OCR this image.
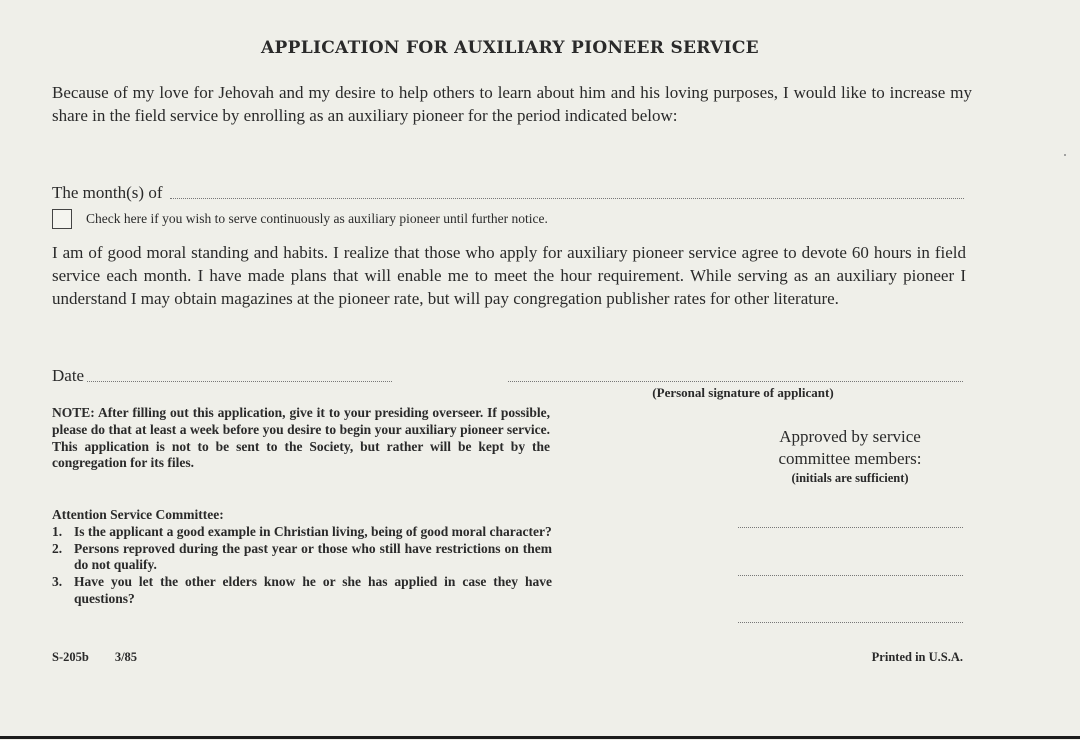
APPLICATION FOR AUXILIARY PIONEER SERVICE
Because of my love for Jehovah and my desire to help others to learn about him and his loving purposes, I would like to increase my share in the field service by enrolling as an auxiliary pioneer for the period indicated below:
The month(s) of
Check here if you wish to serve continuously as auxiliary pioneer until further notice.
I am of good moral standing and habits. I realize that those who apply for auxiliary pioneer service agree to devote 60 hours in field service each month. I have made plans that will enable me to meet the hour requirement. While serving as an auxiliary pioneer I understand I may obtain magazines at the pioneer rate, but will pay congregation publisher rates for other literature.
Date
(Personal signature of applicant)
NOTE: After filling out this application, give it to your presiding overseer. If possible, please do that at least a week before you desire to begin your auxiliary pioneer service. This application is not to be sent to the Society, but rather will be kept by the congregation for its files.
Approved by service
committee members:
(initials are sufficient)
Attention Service Committee:
1. Is the applicant a good example in Christian living, being of good moral character?
2. Persons reproved during the past year or those who still have restrictions on them do not qualify.
3. Have you let the other elders know he or she has applied in case they have questions?
S-205b 3/85	Printed in U.S.A.
